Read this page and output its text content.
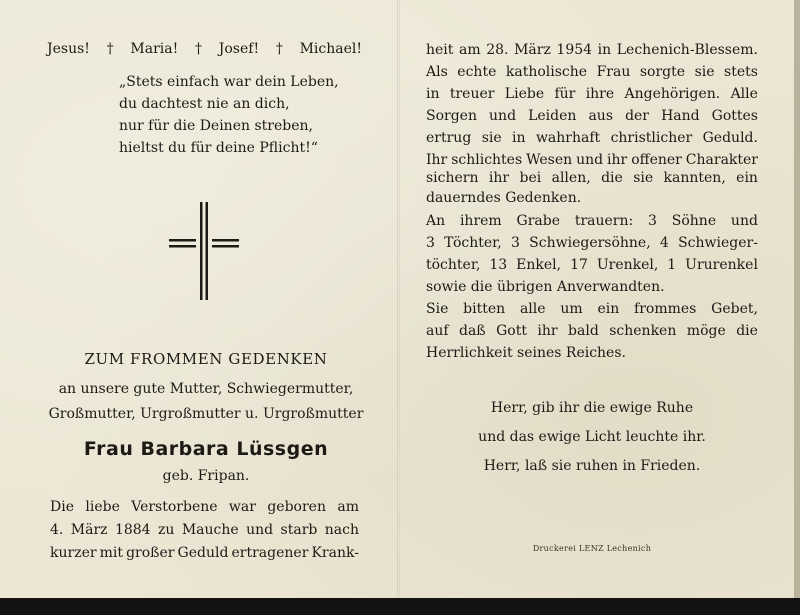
Jesus! † Maria! † Josef! † Michael!
„Stets einfach war dein Leben,
du dachtest nie an dich,
nur für die Deinen streben,
hieltst du für deine Pflicht!“
ZUM FROMMEN GEDENKEN
an unsere gute Mutter, Schwiegermutter,
Großmutter, Urgroßmutter u. Urgroßmutter
Frau Barbara Lüssgen
geb. Fripan.
Die liebe Verstorbene war geboren am
4. März 1884 zu Mauche und starb nach
kurzer mit großer Geduld ertragener Krank-
heit am 28. März 1954 in Lechenich-Blessem.
Als echte katholische Frau sorgte sie stets
in treuer Liebe für ihre Angehörigen. Alle
Sorgen und Leiden aus der Hand Gottes
ertrug sie in wahrhaft christlicher Geduld.
Ihr schlichtes Wesen und ihr offener Charakter
sichern ihr bei allen, die sie kannten, ein
dauerndes Gedenken.
An ihrem Grabe trauern: 3 Söhne und
3 Töchter, 3 Schwiegersöhne, 4 Schwieger-
töchter, 13 Enkel, 17 Urenkel, 1 Ururenkel
sowie die übrigen Anverwandten.
Sie bitten alle um ein frommes Gebet,
auf daß Gott ihr bald schenken möge die
Herrlichkeit seines Reiches.
Herr, gib ihr die ewige Ruhe
und das ewige Licht leuchte ihr.
Herr, laß sie ruhen in Frieden.
Druckerei LENZ Lechenich
